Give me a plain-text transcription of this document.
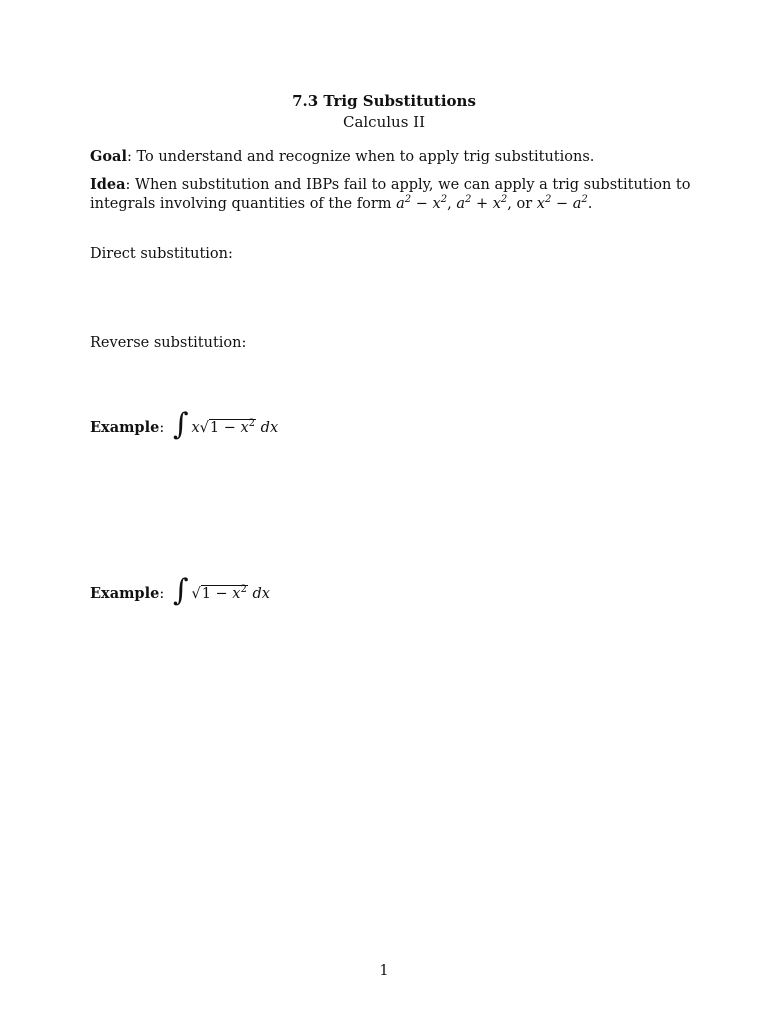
7.3 Trig Substitutions
Calculus II
Goal: To understand and recognize when to apply trig substitutions.
Idea: When substitution and IBPs fail to apply, we can apply a trig substitution to integrals involving quantities of the form $a^2 - x^2$, $a^2 + x^2$, or $x^2 - a^2$.
Direct substitution:
Reverse substitution:
Example: ∫ $x√1 - x^2$ dx
Example: ∫ $√1 - x^2$ dx
1
